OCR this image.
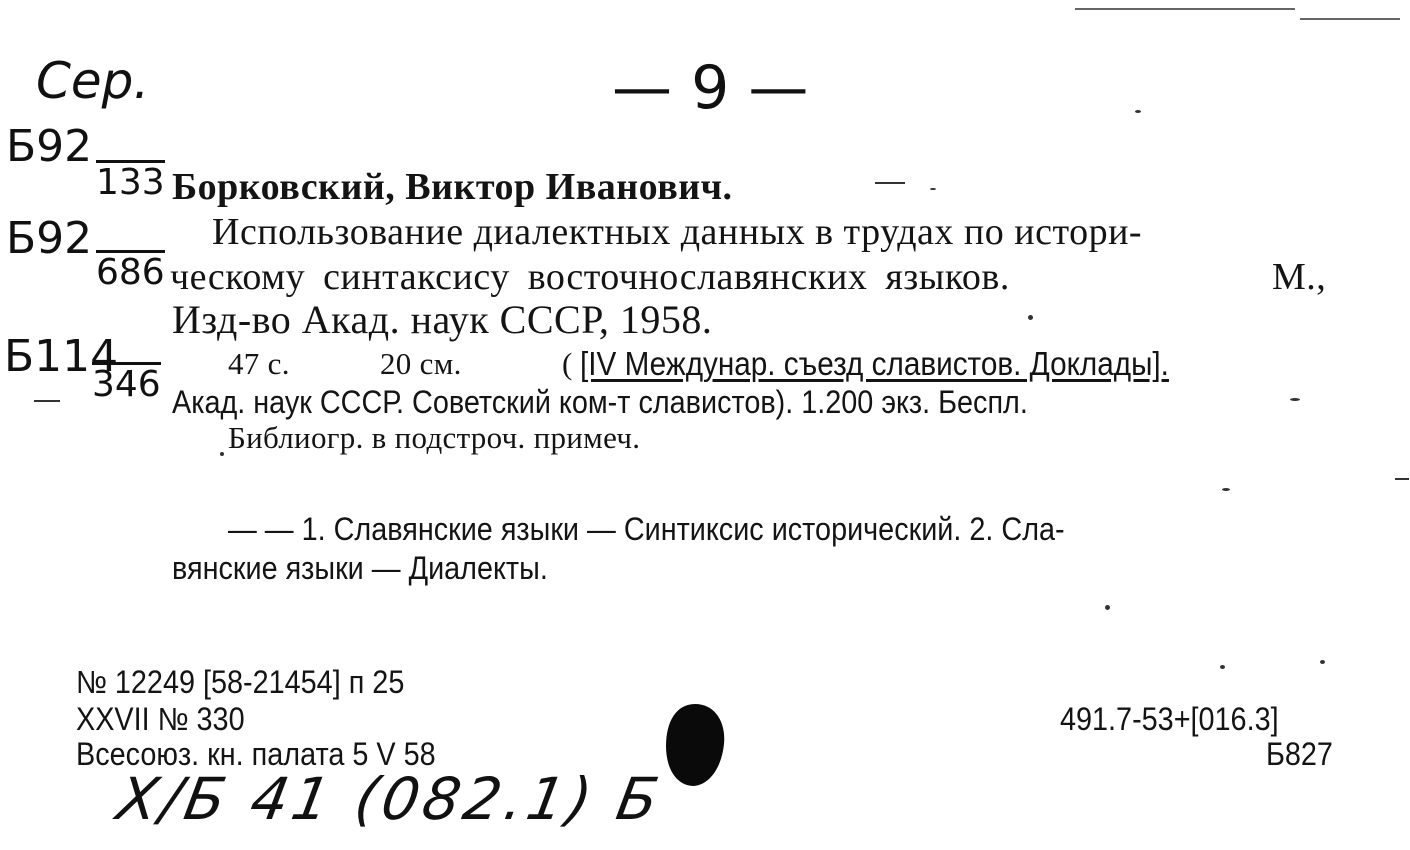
— 9 —
Сер.
Б92
133
Б92
686
Б114
346
Борковский, Виктор Иванович.
Использование диалектных данных в трудах по истори-
ческому синтаксису восточнославянских языков.	М.,
Изд-во Акад. наук СССР, 1958.
47 с.	20 см.	( [IV Междунар. съезд славистов. Доклады].
Акад. наук СССР. Советский ком-т славистов). 1.200 экз. Беспл.
Библиогр. в подстроч. примеч.
— — 1. Славянские языки — Синтиксис исторический. 2. Сла-
вянские языки — Диалекты.
№ 12249 [58-21454] п 25
XXVII № 330
Всесоюз. кн. палата 5 V 58
491.7-53+[016.3]
Б827
Х/Б 41 (082.1) Б
